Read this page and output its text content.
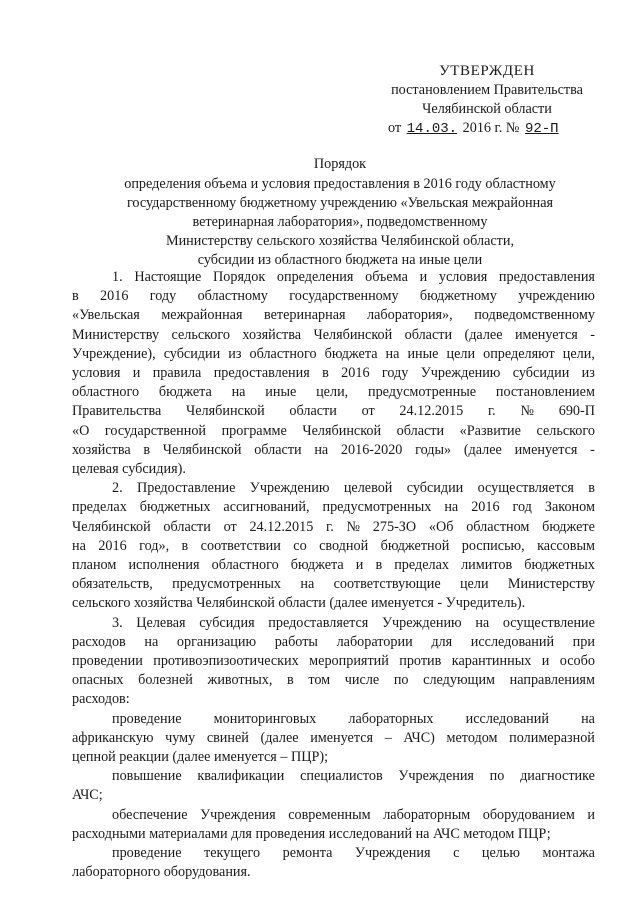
УТВЕРЖДЕН
постановлением Правительства
Челябинской области
от 14.03. 2016 г. № 92-П
Порядок
определения объема и условия предоставления в 2016 году областному
государственному бюджетному учреждению «Увельская межрайонная
ветеринарная лаборатория», подведомственному
Министерству сельского хозяйства Челябинской области,
субсидии из областного бюджета на иные цели
1. Настоящие Порядок определения объема и условия предоставления
в 2016 году областному государственному бюджетному учреждению
«Увельская межрайонная ветеринарная лаборатория», подведомственному
Министерству сельского хозяйства Челябинской области (далее именуется -
Учреждение), субсидии из областного бюджета на иные цели определяют цели,
условия и правила предоставления в 2016 году Учреждению субсидии из
областного бюджета на иные цели, предусмотренные постановлением
Правительства Челябинской области от 24.12.2015 г. № 690-П
«О государственной программе Челябинской области «Развитие сельского
хозяйства в Челябинской области на 2016-2020 годы» (далее именуется -
целевая субсидия).
2. Предоставление Учреждению целевой субсидии осуществляется в
пределах бюджетных ассигнований, предусмотренных на 2016 год Законом
Челябинской области от 24.12.2015 г. № 275-ЗО «Об областном бюджете
на 2016 год», в соответствии со сводной бюджетной росписью, кассовым
планом исполнения областного бюджета и в пределах лимитов бюджетных
обязательств, предусмотренных на соответствующие цели Министерству
сельского хозяйства Челябинской области (далее именуется - Учредитель).
3. Целевая субсидия предоставляется Учреждению на осуществление
расходов на организацию работы лаборатории для исследований при
проведении противоэпизоотических мероприятий против карантинных и особо
опасных болезней животных, в том числе по следующим направлениям
расходов:
проведение мониторинговых лабораторных исследований на
африканскую чуму свиней (далее именуется – АЧС) методом полимеразной
цепной реакции (далее именуется – ПЦР);
повышение квалификации специалистов Учреждения по диагностике
АЧС;
обеспечение Учреждения современным лабораторным оборудованием и
расходными материалами для проведения исследований на АЧС методом ПЦР;
проведение текущего ремонта Учреждения с целью монтажа
лабораторного оборудования.
